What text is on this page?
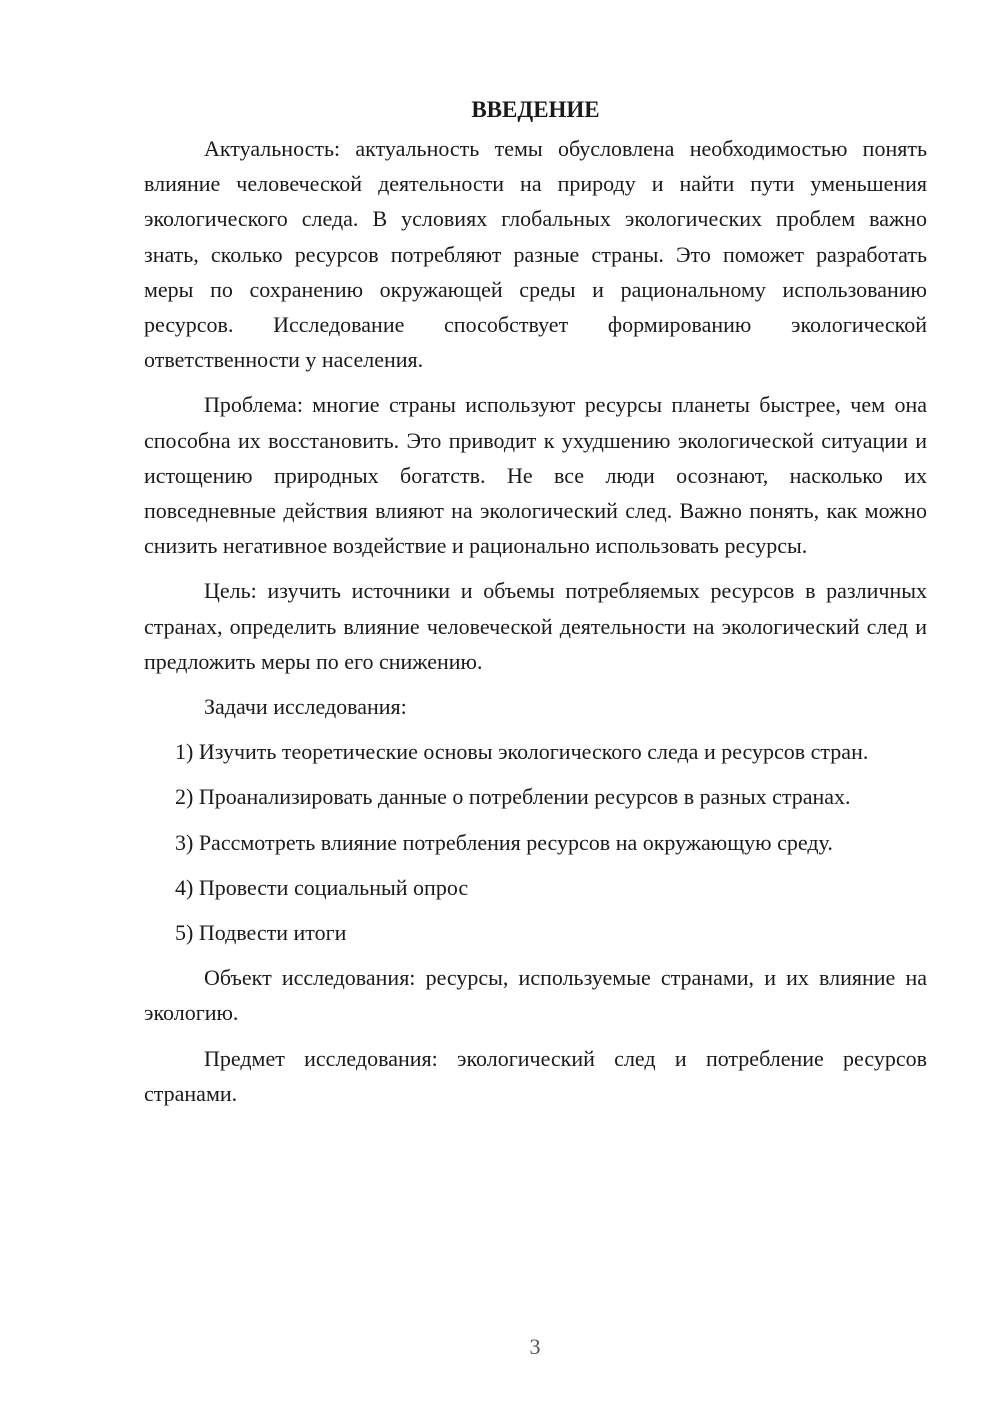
ВВЕДЕНИЕ

Актуальность: актуальность темы обусловлена необходимостью понять влияние человеческой деятельности на природу и найти пути уменьшения экологического следа. В условиях глобальных экологических проблем важно знать, сколько ресурсов потребляют разные страны. Это поможет разработать меры по сохранению окружающей среды и рациональному использованию ресурсов. Исследование способствует формированию экологической ответственности у населения.

Проблема: многие страны используют ресурсы планеты быстрее, чем она способна их восстановить. Это приводит к ухудшению экологической ситуации и истощению природных богатств. Не все люди осознают, насколько их повседневные действия влияют на экологический след. Важно понять, как можно снизить негативное воздействие и рационально использовать ресурсы.

Цель: изучить источники и объемы потребляемых ресурсов в различных странах, определить влияние человеческой деятельности на экологический след и предложить меры по его снижению.

Задачи исследования:

1) Изучить теоретические основы экологического следа и ресурсов стран.

2) Проанализировать данные о потреблении ресурсов в разных странах.

3) Рассмотреть влияние потребления ресурсов на окружающую среду.

4) Провести социальный опрос

5) Подвести итоги

Объект исследования: ресурсы, используемые странами, и их влияние на экологию.

Предмет исследования: экологический след и потребление ресурсов странами.

3
